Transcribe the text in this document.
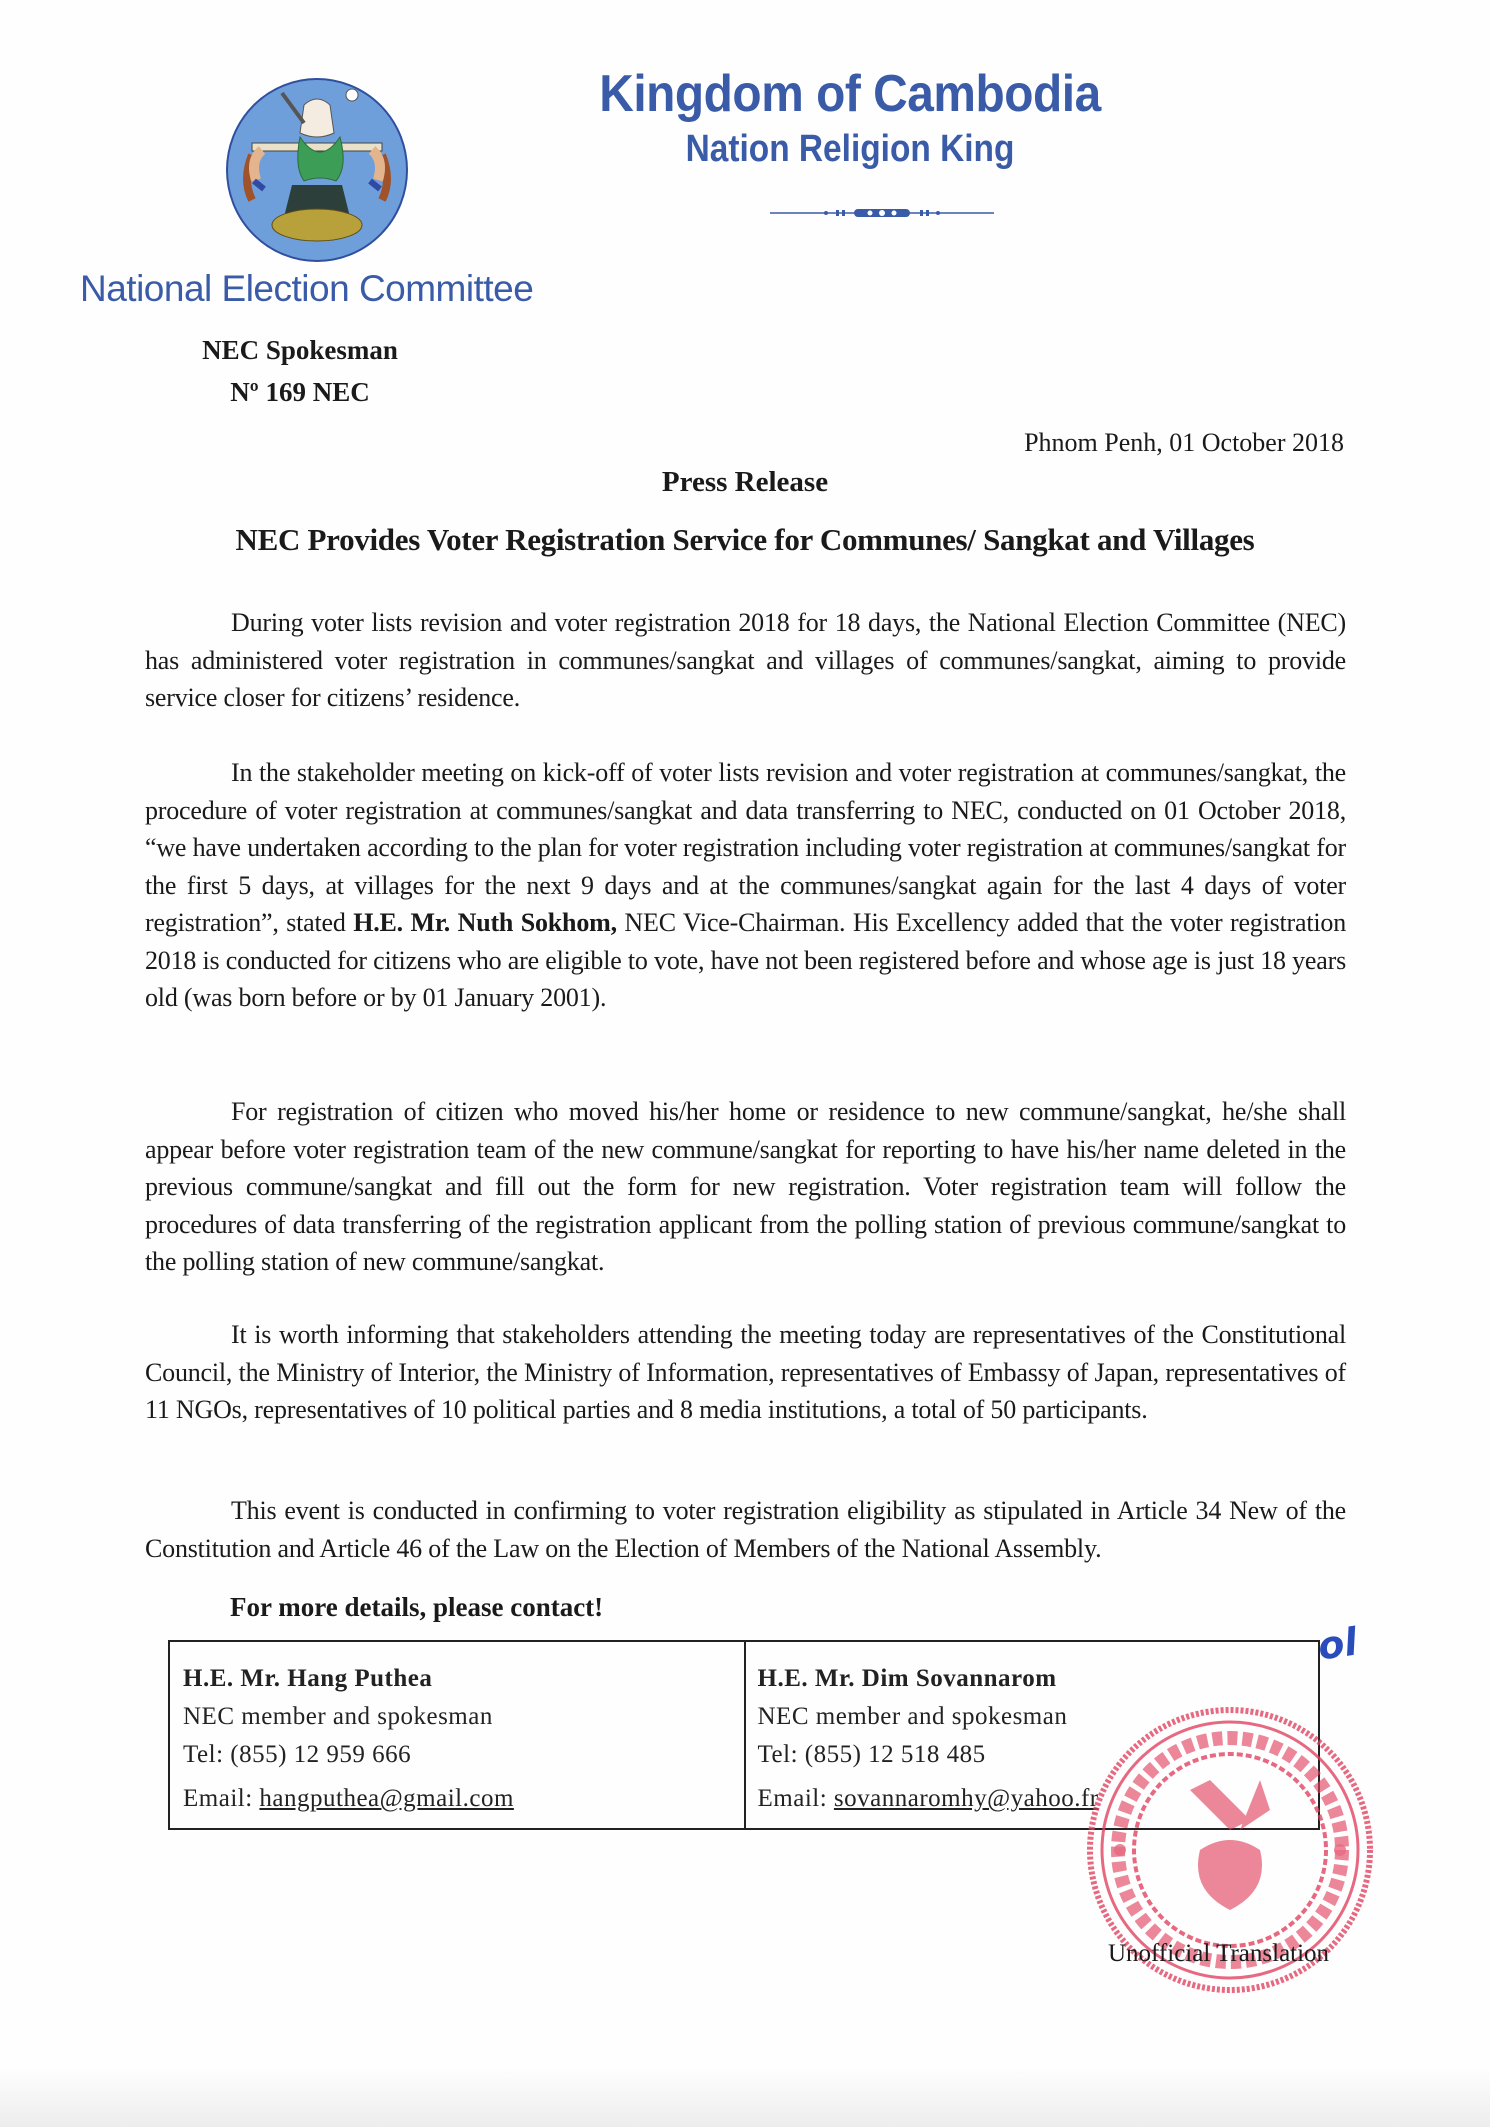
Kingdom of Cambodia
Nation Religion King
National Election Committee
NEC Spokesman
Nº 169 NEC
Phnom Penh, 01 October 2018
Press Release
NEC Provides Voter Registration Service for Communes/ Sangkat and Villages

During voter lists revision and voter registration 2018 for 18 days, the National Election Committee (NEC) has administered voter registration in communes/sangkat and villages of communes/sangkat, aiming to provide service closer for citizens’ residence.

In the stakeholder meeting on kick-off of voter lists revision and voter registration at communes/sangkat, the procedure of voter registration at communes/sangkat and data transferring to NEC, conducted on 01 October 2018, “we have undertaken according to the plan for voter registration including voter registration at communes/sangkat for the first 5 days, at villages for the next 9 days and at the communes/sangkat again for the last 4 days of voter registration”, stated H.E. Mr. Nuth Sokhom, NEC Vice-Chairman. His Excellency added that the voter registration 2018 is conducted for citizens who are eligible to vote, have not been registered before and whose age is just 18 years old (was born before or by 01 January 2001).

For registration of citizen who moved his/her home or residence to new commune/sangkat, he/she shall appear before voter registration team of the new commune/sangkat for reporting to have his/her name deleted in the previous commune/sangkat and fill out the form for new registration. Voter registration team will follow the procedures of data transferring of the registration applicant from the polling station of previous commune/sangkat to the polling station of new commune/sangkat.

It is worth informing that stakeholders attending the meeting today are representatives of the Constitutional Council, the Ministry of Interior, the Ministry of Information, representatives of Embassy of Japan, representatives of 11 NGOs, representatives of 10 political parties and 8 media institutions, a total of 50 participants.

This event is conducted in confirming to voter registration eligibility as stipulated in Article 34 New of the Constitution and Article 46 of the Law on the Election of Members of the National Assembly.

For more details, please contact!
H.E. Mr. Hang Puthea
NEC member and spokesman
Tel: (855) 12 959 666
Email: hangputhea@gmail.com
H.E. Mr. Dim Sovannarom
NEC member and spokesman
Tel: (855) 12 518 485
Email: sovannaromhy@yahoo.fr
ol
Unofficial Translation
